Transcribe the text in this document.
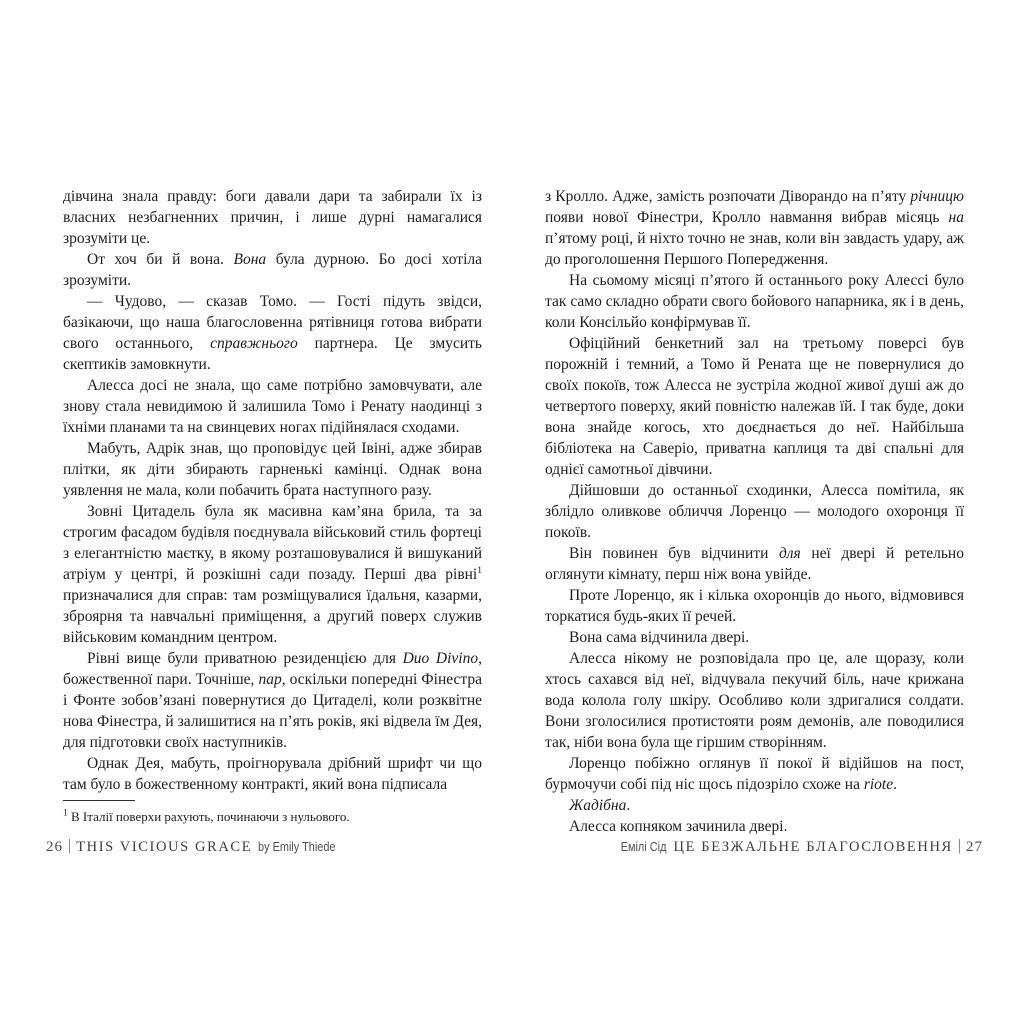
дівчина знала правду: боги давали дари та забирали їх із власних незбагненних причин, і лише дурні намагалися зрозуміти це.

От хоч би й вона. Вона була дурною. Бо досі хотіла зрозуміти.

— Чудово, — сказав Томо. — Гості підуть звідси, базікаючи, що наша благословенна рятівниця готова вибрати свого останнього, справжнього партнера. Це змусить скептиків замовкнути.

Алесса досі не знала, що саме потрібно замовчувати, але знову стала невидимою й залишила Томо і Ренату наодинці з їхніми планами та на свинцевих ногах підійнялася сходами.

Мабуть, Адрік знав, що проповідує цей Івіні, адже збирав плітки, як діти збирають гарненькі камінці. Однак вона уявлення не мала, коли побачить брата наступного разу.

Зовні Цитадель була як масивна кам’яна брила, та за строгим фасадом будівля поєднувала військовий стиль фортеці з елегантністю маєтку, в якому розташовувалися й вишуканий атріум у центрі, й розкішні сади позаду. Перші два рівні$^1$ призначалися для справ: там розміщувалися їдальня, казарми, зброярня та навчальні приміщення, а другий поверх служив військовим командним центром.

Рівні вище були приватною резиденцією для Duo Divino, божественної пари. Точніше, пар, оскільки попередні Фінестра і Фонте зобов’язані повернутися до Цитаделі, коли розквітне нова Фінестра, й залишитися на п’ять років, які відвела їм Дея, для підготовки своїх наступників.

Однак Дея, мабуть, проігнорувала дрібний шрифт чи що там було в божественному контракті, який вона підписала

$^1$ В Італії поверхи рахують, починаючи з нульового.

з Кролло. Адже, замість розпочати Діворандо на п’яту річницю появи нової Фінестри, Кролло навмання вибрав місяць на п’ятому році, й ніхто точно не знав, коли він завдасть удару, аж до проголошення Першого Попередження.

На сьомому місяці п’ятого й останнього року Алессі було так само складно обрати свого бойового напарника, як і в день, коли Консільйо конфірмував її.

Офіційний бенкетний зал на третьому поверсі був порожній і темний, а Томо й Рената ще не повернулися до своїх покоїв, тож Алесса не зустріла жодної живої душі аж до четвертого поверху, який повністю належав їй. І так буде, доки вона знайде когось, хто доєднається до неї. Найбільша бібліотека на Саверіо, приватна каплиця та дві спальні для однієї самотньої дівчини.

Дійшовши до останньої сходинки, Алесса помітила, як зблідло оливкове обличчя Лоренцо — молодого охоронця її покоїв.

Він повинен був відчинити для неї двері й ретельно оглянути кімнату, перш ніж вона увійде.

Проте Лоренцо, як і кілька охоронців до нього, відмовився торкатися будь-яких її речей.

Вона сама відчинила двері.

Алесса нікому не розповідала про це, але щоразу, коли хтось сахався від неї, відчувала пекучий біль, наче крижана вода колола голу шкіру. Особливо коли здригалися солдати. Вони зголосилися протистояти роям демонів, але поводилися так, ніби вона була ще гіршим створінням.

Лоренцо побіжно оглянув її покої й відійшов на пост, бурмочучи собі під ніс щось підозріло схоже на riote.

Жадібна.

Алесса копняком зачинила двері.

26 | THIS VICIOUS GRACE by Emily Thiede	Емілі Сід ЦЕ БЕЗЖАЛЬНЕ БЛАГОСЛОВЕННЯ | 27
